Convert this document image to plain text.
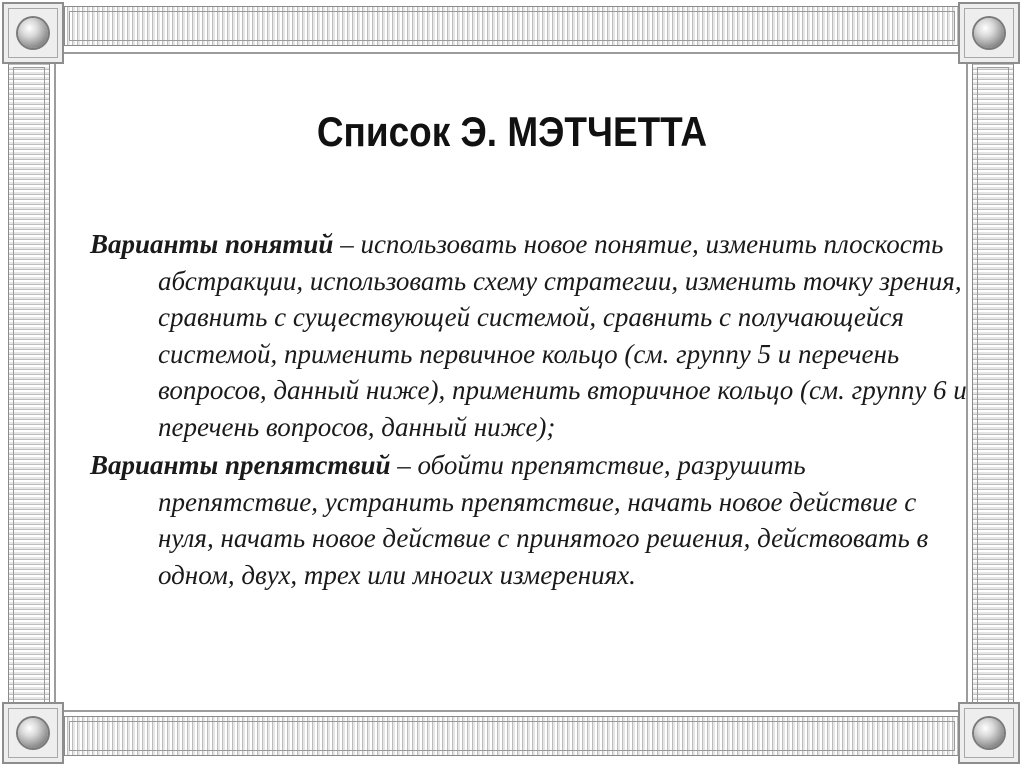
Список Э. МЭТЧЕТТА

Варианты понятий – использовать новое понятие, изменить плоскость абстракции, использовать схему стратегии, изменить точку зрения, сравнить с существующей системой, сравнить с получающейся системой, применить первичное кольцо (см. группу 5 и перечень вопросов, данный ниже), применить вторичное кольцо (см. группу 6 и перечень вопросов, данный ниже);

Варианты препятствий – обойти препятствие, разрушить препятствие, устранить препятствие, начать новое действие с нуля, начать новое действие с принятого решения, действовать в одном, двух, трех или многих измерениях.
